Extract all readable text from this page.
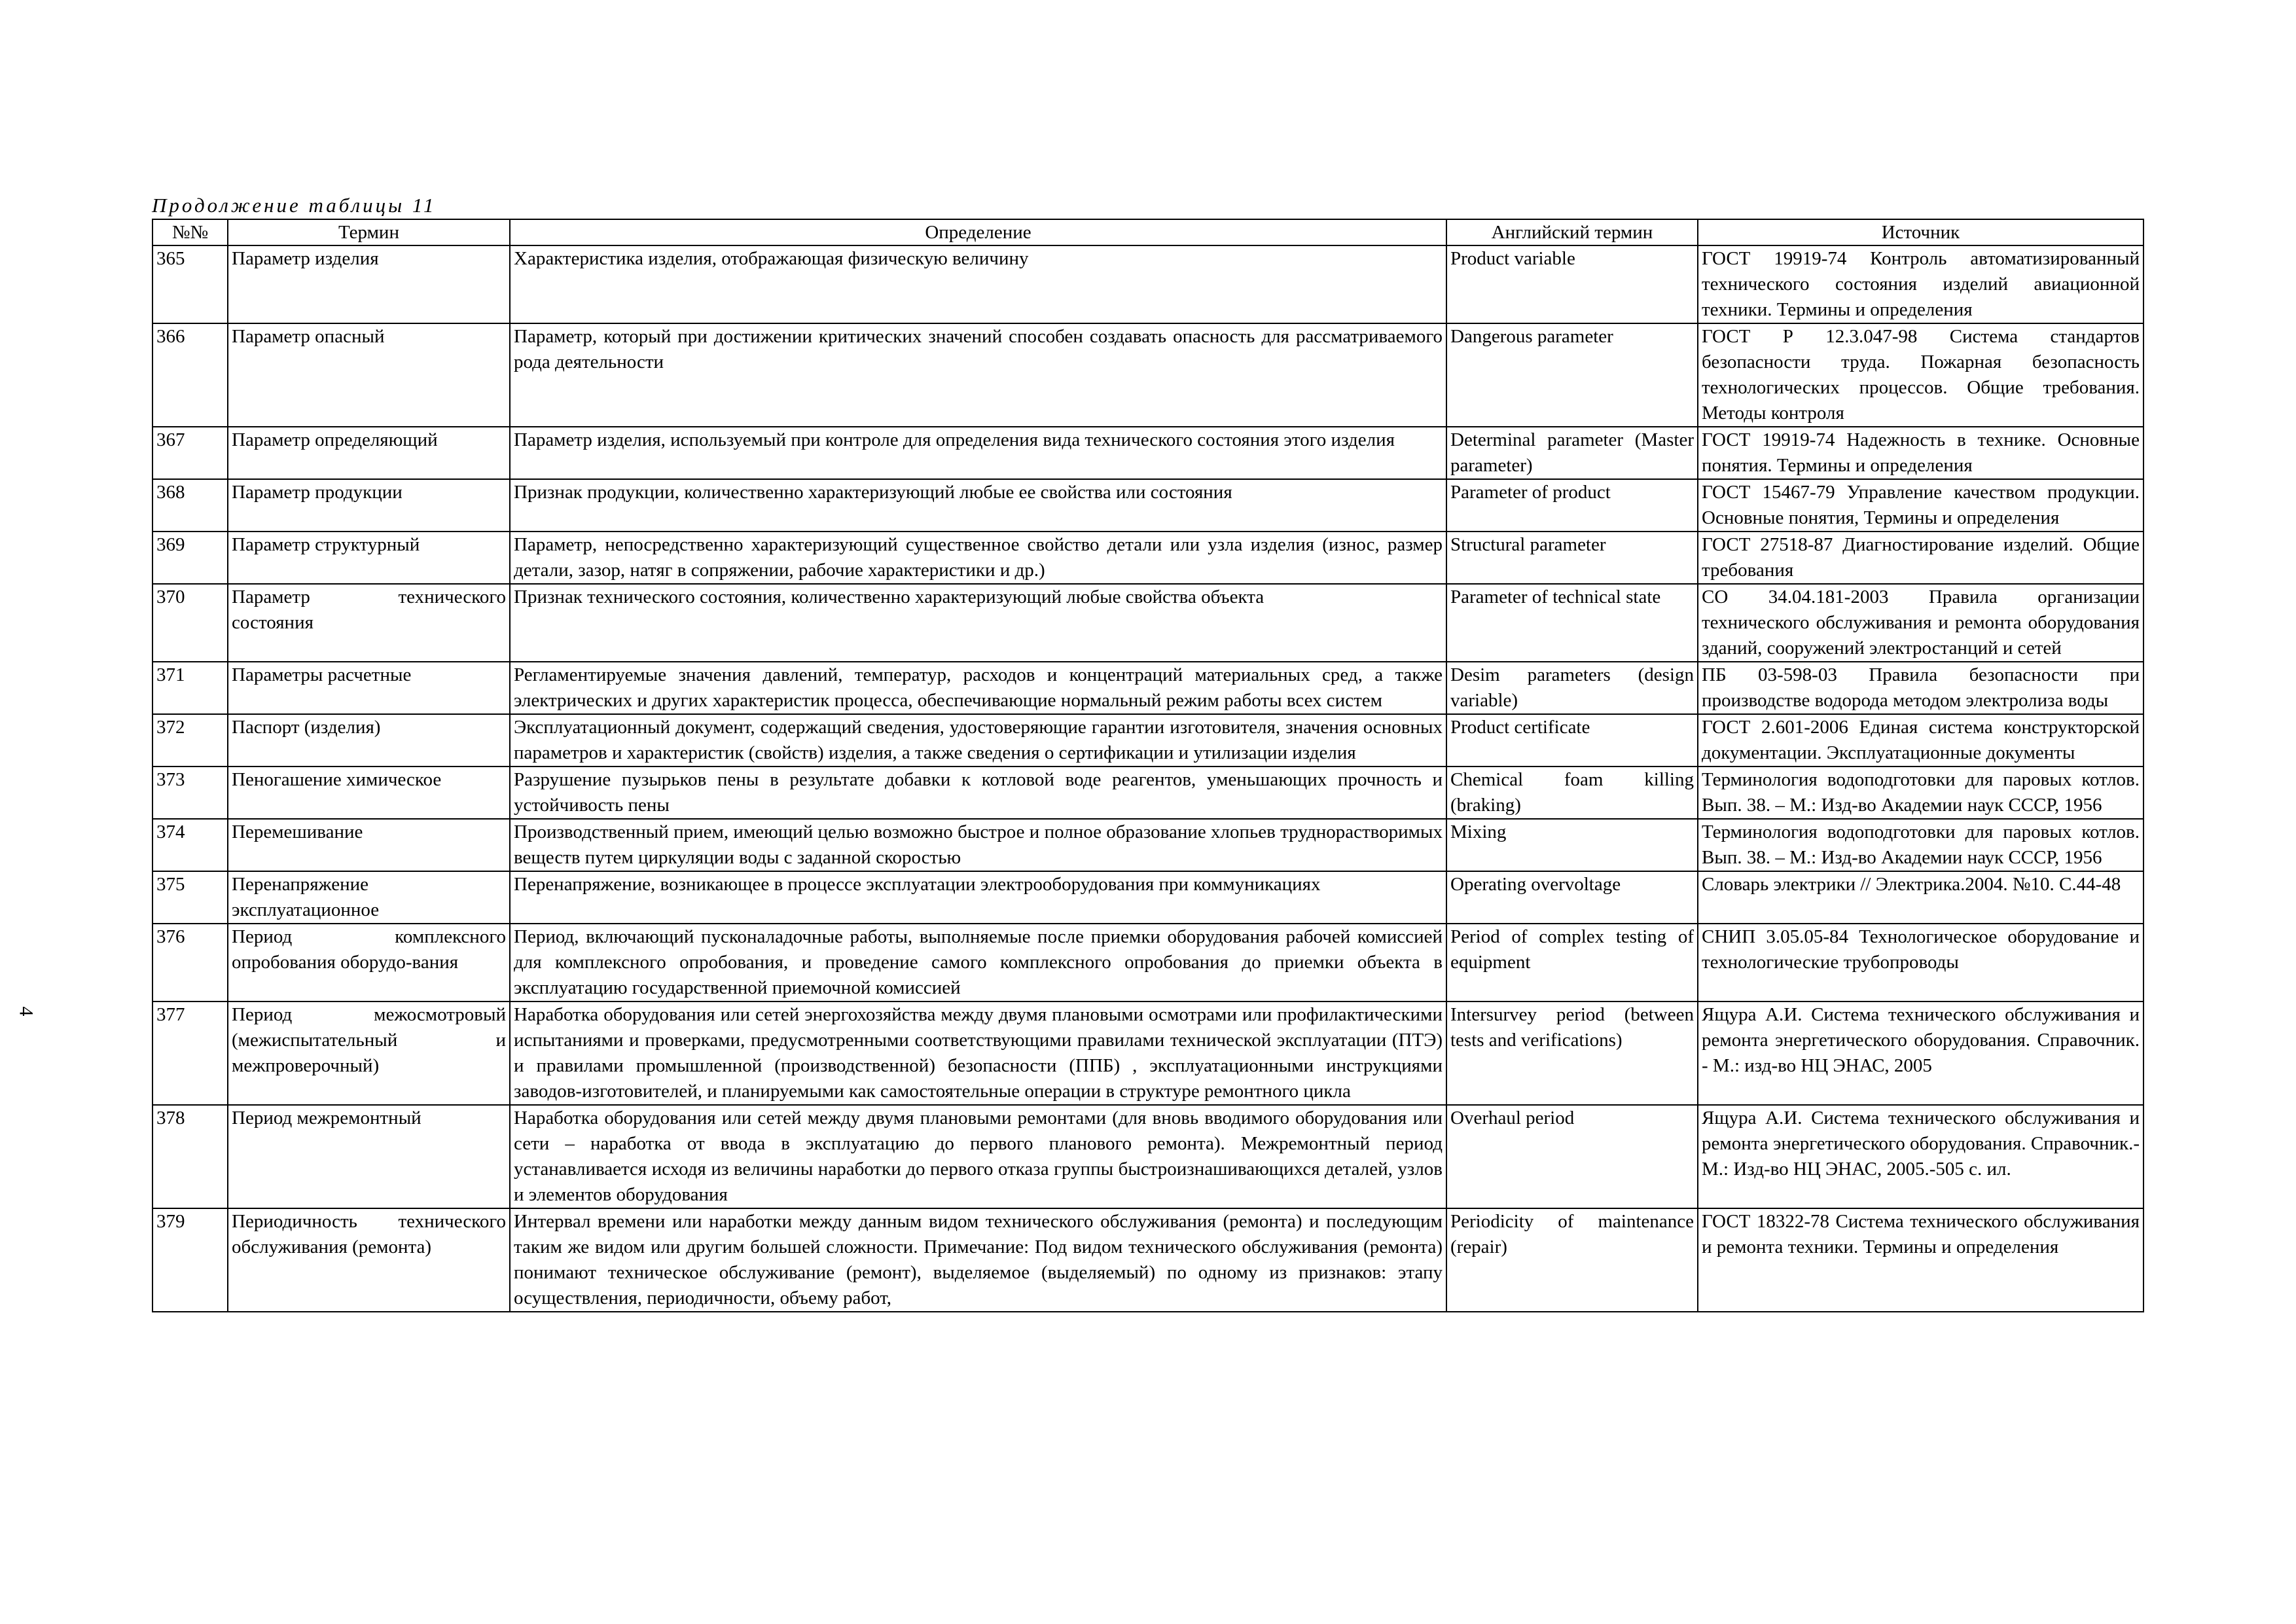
Продолжение таблицы 11
4
№№	Термин	Определение	Английский термин	Источник
365	Параметр изделия	Характеристика изделия, отображающая физическую величину	Product variable	ГОСТ 19919-74 Контроль автоматизированный технического состояния изделий авиационной техники. Термины и определения
366	Параметр опасный	Параметр, который при достижении критических значений способен создавать опасность для рассматриваемого рода деятельности	Dangerous parameter	ГОСТ Р 12.3.047-98 Система стандартов безопасности труда. Пожарная безопасность технологических процессов. Общие требования. Методы контроля
367	Параметр определяющий	Параметр изделия, используемый при контроле для определения вида технического состояния этого изделия	Determinal parameter (Master parameter)	ГОСТ 19919-74 Надежность в технике. Основные понятия. Термины и определения
368	Параметр продукции	Признак продукции, количественно характеризующий любые ее свойства или состояния	Parameter of product	ГОСТ 15467-79 Управление качеством продукции. Основные понятия, Термины и определения
369	Параметр структурный	Параметр, непосредственно характеризующий существенное свойство детали или узла изделия (износ, размер детали, зазор, натяг в сопряжении, рабочие характеристики и др.)	Structural parameter	ГОСТ 27518-87 Диагностирование изделий. Общие требования
370	Параметр технического состояния	Признак технического состояния, количественно характеризующий любые свойства объекта	Parameter of technical state	СО 34.04.181-2003 Правила организации технического обслуживания и ремонта оборудования зданий, сооружений электростанций и сетей
371	Параметры расчетные	Регламентируемые значения давлений, температур, расходов и концентраций материальных сред, а также электрических и других характеристик процесса, обеспечивающие нормальный режим работы всех систем	Desim parameters (design variable)	ПБ 03-598-03 Правила безопасности при производстве водорода методом электролиза воды
372	Паспорт (изделия)	Эксплуатационный документ, содержащий сведения, удостоверяющие гарантии изготовителя, значения основных параметров и характеристик (свойств) изделия, а также сведения о сертификации и утилизации изделия	Product certificate	ГОСТ 2.601-2006 Единая система конструкторской документации. Эксплуатационные документы
373	Пеногашение химическое	Разрушение пузырьков пены в результате добавки к котловой воде реагентов, уменьшающих прочность и устойчивость пены	Chemical foam killing (braking)	Терминология водоподготовки для паровых котлов. Вып. 38. – М.: Изд-во Академии наук СССР, 1956
374	Перемешивание	Производственный прием, имеющий целью возможно быстрое и полное образование хлопьев труднорастворимых веществ путем циркуляции воды с заданной скоростью	Mixing	Терминология водоподготовки для паровых котлов. Вып. 38. – М.: Изд-во Академии наук СССР, 1956
375	Перенапряжение эксплуатационное	Перенапряжение, возникающее в процессе эксплуатации электрооборудования при коммуникациях	Operating overvoltage	Словарь электрики // Электрика.2004. №10. С.44-48
376	Период комплексного опробования оборудо-вания	Период, включающий пусконаладочные работы, выполняемые после приемки оборудования рабочей комиссией для комплексного опробования, и проведение самого комплексного опробования до приемки объекта в эксплуатацию государственной приемочной комиссией	Period of complex testing of equipment	СНИП 3.05.05-84 Технологическое оборудование и технологические трубопроводы
377	Период межосмотровый (межиспытательный и межпроверочный)	Наработка оборудования или сетей энергохозяйства между двумя плановыми осмотрами или профилактическими испытаниями и проверками, предусмотренными соответствующими правилами технической эксплуатации (ПТЭ) и правилами промышленной (производственной) безопасности (ППБ) , эксплуатационными инструкциями заводов-изготовителей, и планируемыми как самостоятельные операции в структуре ремонтного цикла	Intersurvey period (between tests and verifications)	Ящура А.И. Система технического обслуживания и ремонта энергетического оборудования. Справочник. - М.: изд-во НЦ ЭНАС, 2005
378	Период межремонтный	Наработка оборудования или сетей между двумя плановыми ремонтами (для вновь вводимого оборудования или сети – наработка от ввода в эксплуатацию до первого планового ремонта). Межремонтный период устанавливается исходя из величины наработки до первого отказа группы быстроизнашивающихся деталей, узлов и элементов оборудования	Overhaul period	Ящура А.И. Система технического обслуживания и ремонта энергетического оборудования. Справочник.-М.: Изд-во НЦ ЭНАС, 2005.-505 с. ил.
379	Периодичность технического обслуживания (ремонта)	Интервал времени или наработки между данным видом технического обслуживания (ремонта) и последующим таким же видом или другим большей сложности. Примечание: Под видом технического обслуживания (ремонта) понимают техническое обслуживание (ремонт), выделяемое (выделяемый) по одному из признаков: этапу осуществления, периодичности, объему работ,	Periodicity of maintenance (repair)	ГОСТ 18322-78 Система технического обслуживания и ремонта техники. Термины и определения
